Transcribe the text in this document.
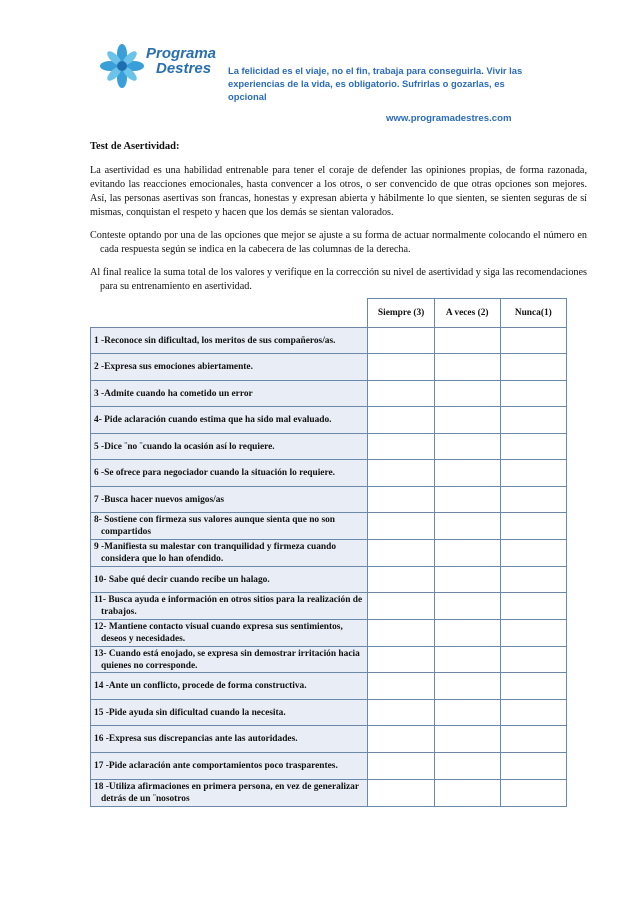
Programa
Destres	La felicidad es el viaje, no el fin, trabaja para conseguirla. Vivir las experiencias de la vida, es obligatorio. Sufrirlas o gozarlas, es opcional
www.programadestres.com
Test de Asertividad:

La asertividad es una habilidad entrenable para tener el coraje de defender las opiniones propias, de forma razonada, evitando las reacciones emocionales, hasta convencer a los otros, o ser convencido de que otras opciones son mejores. Así, las personas asertivas son francas, honestas y expresan abierta y hábilmente lo que sienten, se sienten seguras de sí mismas, conquistan el respeto y hacen que los demás se sientan valorados.

Conteste optando por una de las opciones que mejor se ajuste a su forma de actuar normalmente colocando el número en cada respuesta según se indica en la cabecera de las columnas de la derecha.

Al final realice la suma total de los valores y verifique en la corrección su nivel de asertividad y siga las recomendaciones para su entrenamiento en asertividad.

	Siempre (3)	A veces (2)	Nunca(1)

1 -Reconoce sin dificultad, los meritos de sus compañeros/as.			

2 -Expresa sus emociones abiertamente.			

3 -Admite cuando ha cometido un error			

4- Pide aclaración cuando estima que ha sido mal evaluado.			

5 -Dice ¨no ¨cuando la ocasión así lo requiere.			

6 -Se ofrece para negociador cuando la situación lo requiere.			

7 -Busca hacer nuevos amigos/as			

8- Sostiene con firmeza sus valores aunque sienta que no son compartidos			

9 -Manifiesta su malestar con tranquilidad y firmeza cuando considera que lo han ofendido.			

10- Sabe qué decir cuando recibe un halago.			

11- Busca ayuda e información en otros sitios para la realización de trabajos.			

12- Mantiene contacto visual cuando expresa sus sentimientos, deseos y necesidades.			

13- Cuando está enojado, se expresa sin demostrar irritación hacia quienes no corresponde.			

14 -Ante un conflicto, procede de forma constructiva.			

15 -Pide ayuda sin dificultad cuando la necesita.			

16 -Expresa sus discrepancias ante las autoridades.			

17 -Pide aclaración ante comportamientos poco trasparentes.			

18 -Utiliza afirmaciones en primera persona, en vez de generalizar detrás de un ¨nosotros			
